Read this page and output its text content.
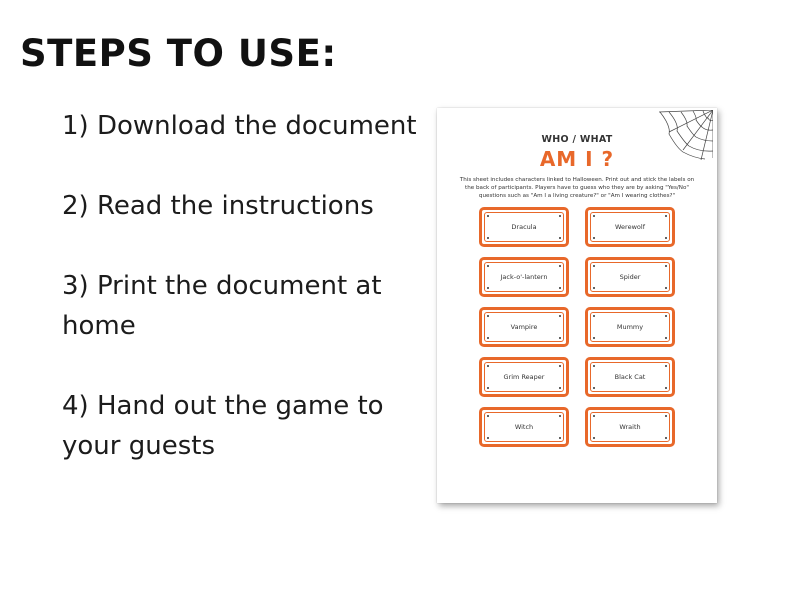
STEPS TO USE:
1) Download the document
2) Read the instructions
3) Print the document at home
4) Hand out the game to your guests
WHO / WHAT
AM I ?
This sheet includes characters linked to Halloween. Print out and stick the labels on the back of participants. Players have to guess who they are by asking "Yes/No" questions such as "Am I a living creature?" or "Am I wearing clothes?"
Dracula	Werewolf
Jack-o'-lantern	Spider
Vampire	Mummy
Grim Reaper	Black Cat
Witch	Wraith
